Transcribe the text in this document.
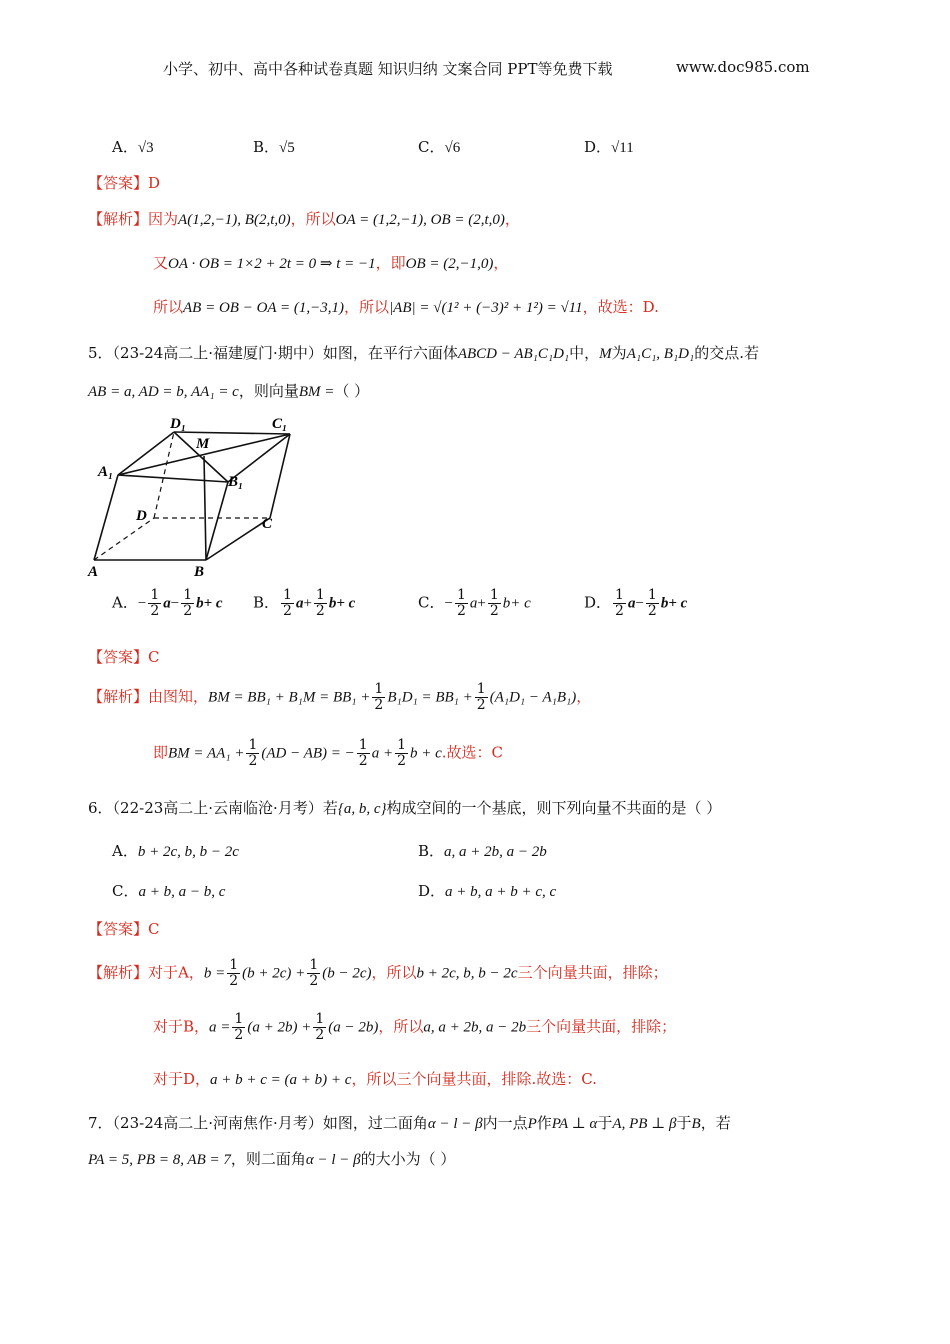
小学、初中、高中各种试卷真题 知识归纳 文案合同 PPT等免费下载	www.doc985.com
A．√3	B．√5	C．√6	D．√11
【答案】D
【解析】因为A(1,2,−1), B(2,t,0)，所以OA = (1,2,−1), OB = (2,t,0)，
又OA · OB = 1×2 + 2t = 0 ⇒ t = −1，即OB = (2,−1,0)，
所以AB = OB − OA = (1,−3,1)，所以|AB| = √(1² + (−3)² + 1²) = √11，故选：D.
5．（23-24高二上·福建厦门·期中）如图，在平行六面体ABCD − AB₁C₁D₁中，M为A₁C₁, B₁D₁的交点.若
AB = a, AD = b, AA₁ = c，则向量BM =（ ）
D₁	C₁
M
A₁
B₁
D	C
A	B
A．− $\frac{1}{2} a- \frac{1}{2} b+ c$ B． $\frac{1}{2} a+ \frac{1}{2} b+ c$	C．− $\frac{1}{2} a+ \frac{1}{2} b+ c$	D． $\frac{1}{2} a- \frac{1}{2} b+ c$
【答案】C
【解析】由图知，BM = $BB_1 + B_1M = BB_1 + \frac{1}{2} B_1D_1 = BB_1 + \frac{1}{2} (A_1D_1 - A_1B_1)$，
即BM = $AA_1 + \frac{1}{2} (AD - AB)$ = − $\frac{1}{2}$ $a + \frac{1}{2}$ b + c.故选：C
6．（22-23高二上·云南临沧·月考）若{a, b, c}构成空间的一个基底，则下列向量不共面的是（ ）
A．b + 2c, b, b − 2c	B．a, a + 2b, a − 2b
C．a + b, a − b, c	D．a + b, a + b + c, c
【答案】C
【解析】对于A，$b = \frac{1}{2} (b + 2c) + \frac{1}{2} (b - 2c)$，所以b + 2c, b, b − 2c三个向量共面，排除；
对于B，$a = \frac{1}{2} (a + 2b) + \frac{1}{2} (a - 2b)$，所以a, a + 2b, a − 2b三个向量共面，排除；
对于D，a + b + c = (a + b) + c，所以三个向量共面，排除.故选：C.
7．（23-24高二上·河南焦作·月考）如图，过二面角α − l − β内一点P作PA ⊥ α于A, PB ⊥ β于B，若
PA = 5, PB = 8, AB = 7，则二面角α − l − β的大小为（ ）
